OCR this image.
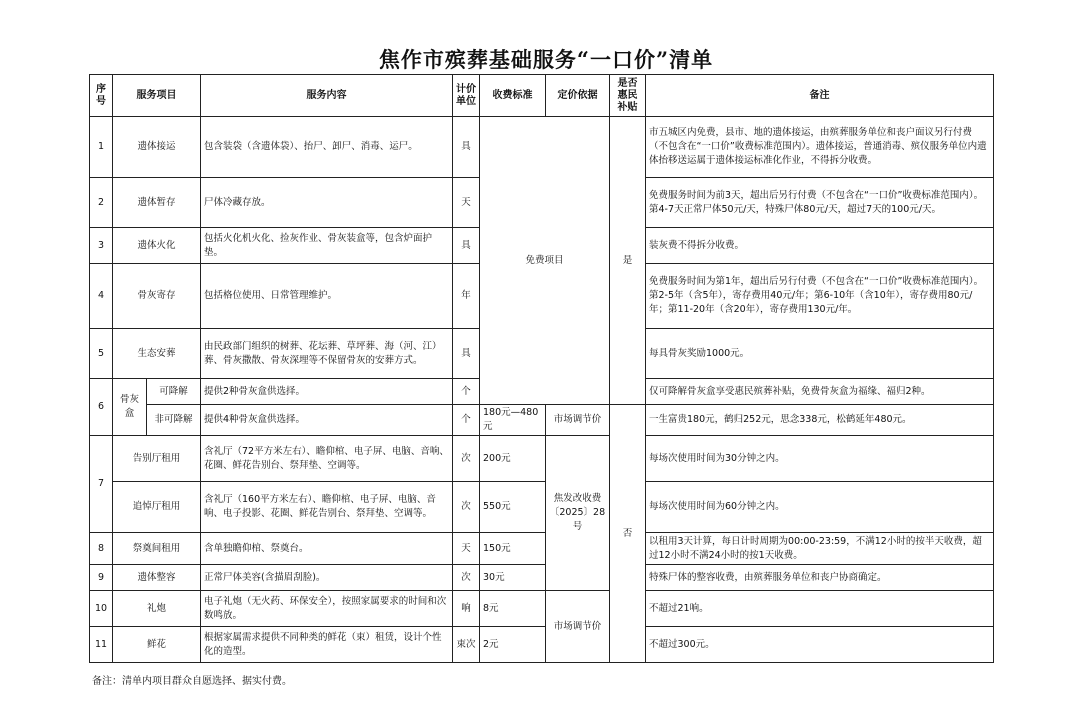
焦作市殡葬基础服务“一口价”清单
序号	服务项目		服务内容	计价单位	收费标准	定价依据	是否惠民补贴	备注
1	遗体接运		包含装袋（含遗体袋）、抬尸、卸尸、消毒、运尸。	具	免费项目		是	市五城区内免费，县市、地的遗体接运，由殡葬服务单位和丧户面议另行付费（不包含在“一口价”收费标准范围内）。遗体接运，普通消毒、殡仪服务单位内遗体抬移送运属于遗体接运标准化作业，不得拆分收费。
2	遗体暂存		尸体冷藏存放。	天				免费服务时间为前3天，超出后另行付费（不包含在“一口价”收费标准范围内）。第4-7天正常尸体50元/天，特殊尸体80元/天，超过7天的100元/天。
3	遗体火化		包括火化机火化、捡灰作业、骨灰装盒等，包含炉面护垫。	具				装灰费不得拆分收费。
4	骨灰寄存		包括格位使用、日常管理维护。	年				免费服务时间为第1年，超出后另行付费（不包含在“一口价”收费标准范围内）。第2-5年（含5年），寄存费用40元/年；第6-10年（含10年），寄存费用80元/年；第11-20年（含20年），寄存费用130元/年。
5	生态安葬		由民政部门组织的树葬、花坛葬、草坪葬、海（河、江）葬、骨灰撒散、骨灰深埋等不保留骨灰的安葬方式。	具				每具骨灰奖励1000元。
6	骨灰盒	可降解	提供2种骨灰盒供选择。	个				仅可降解骨灰盒享受惠民殡葬补贴，免费骨灰盒为福缘、福归2种。
		非可降解	提供4种骨灰盒供选择。	个	180元—480元	市场调节价	否	一生富贵180元，鹤归252元，思念338元，松鹤延年480元。
7	告别厅租用		含礼厅（72平方米左右）、瞻仰棺、电子屏、电脑、音响、花圈、鲜花告别台、祭拜垫、空调等。	次	200元	焦发改收费〔2025〕28号		每场次使用时间为30分钟之内。
	追悼厅租用		含礼厅（160平方米左右）、瞻仰棺、电子屏、电脑、音响、电子投影、花圈、鲜花告别台、祭拜垫、空调等。	次	550元			每场次使用时间为60分钟之内。
8	祭奠间租用		含单独瞻仰棺、祭奠台。	天	150元			以租用3天计算，每日计时周期为00:00-23:59，不满12小时的按半天收费，超过12小时不满24小时的按1天收费。
9	遗体整容		正常尸体美容(含描眉刮脸)。	次	30元			特殊尸体的整容收费，由殡葬服务单位和丧户协商确定。
10	礼炮		电子礼炮（无火药、环保安全），按照家属要求的时间和次数鸣放。	响	8元	市场调节价		不超过21响。
11	鲜花		根据家属需求提供不同种类的鲜花（束）租赁，设计个性化的造型。	束次	2元			不超过300元。
备注：清单内项目群众自愿选择、据实付费。
